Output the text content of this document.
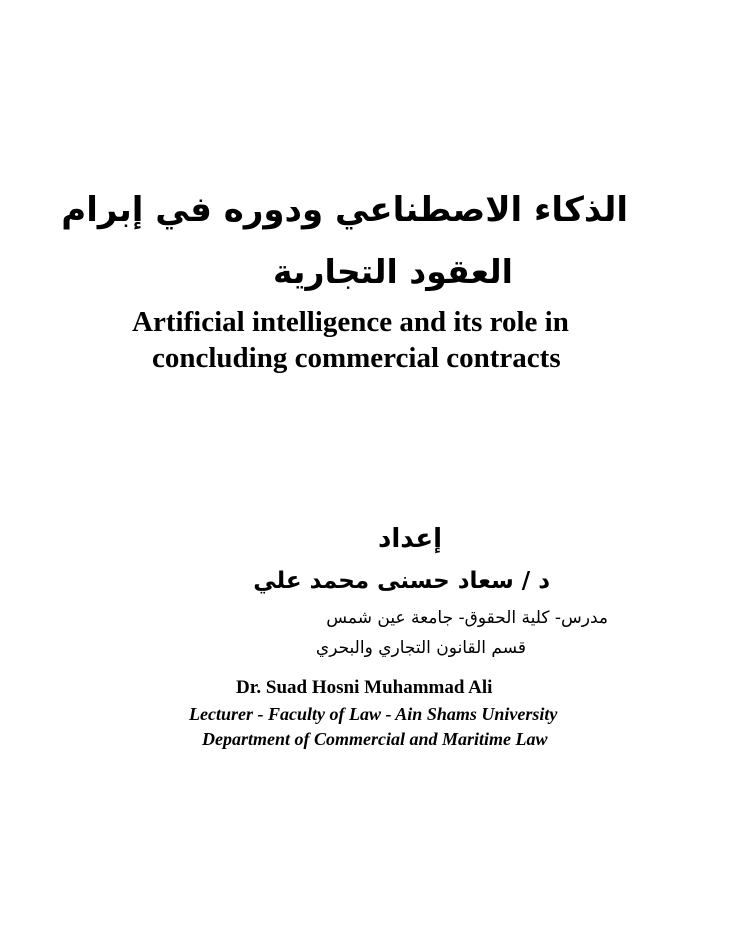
الذكاء الاصطناعي ودوره في إبرام
العقود التجارية
Artificial intelligence and its role in
concluding commercial contracts
إعداد
د / سعاد حسنى محمد علي
مدرس- كلية الحقوق- جامعة عين شمس
قسم القانون التجاري والبحري
Dr. Suad Hosni Muhammad Ali
Lecturer - Faculty of Law - Ain Shams University
Department of Commercial and Maritime Law
